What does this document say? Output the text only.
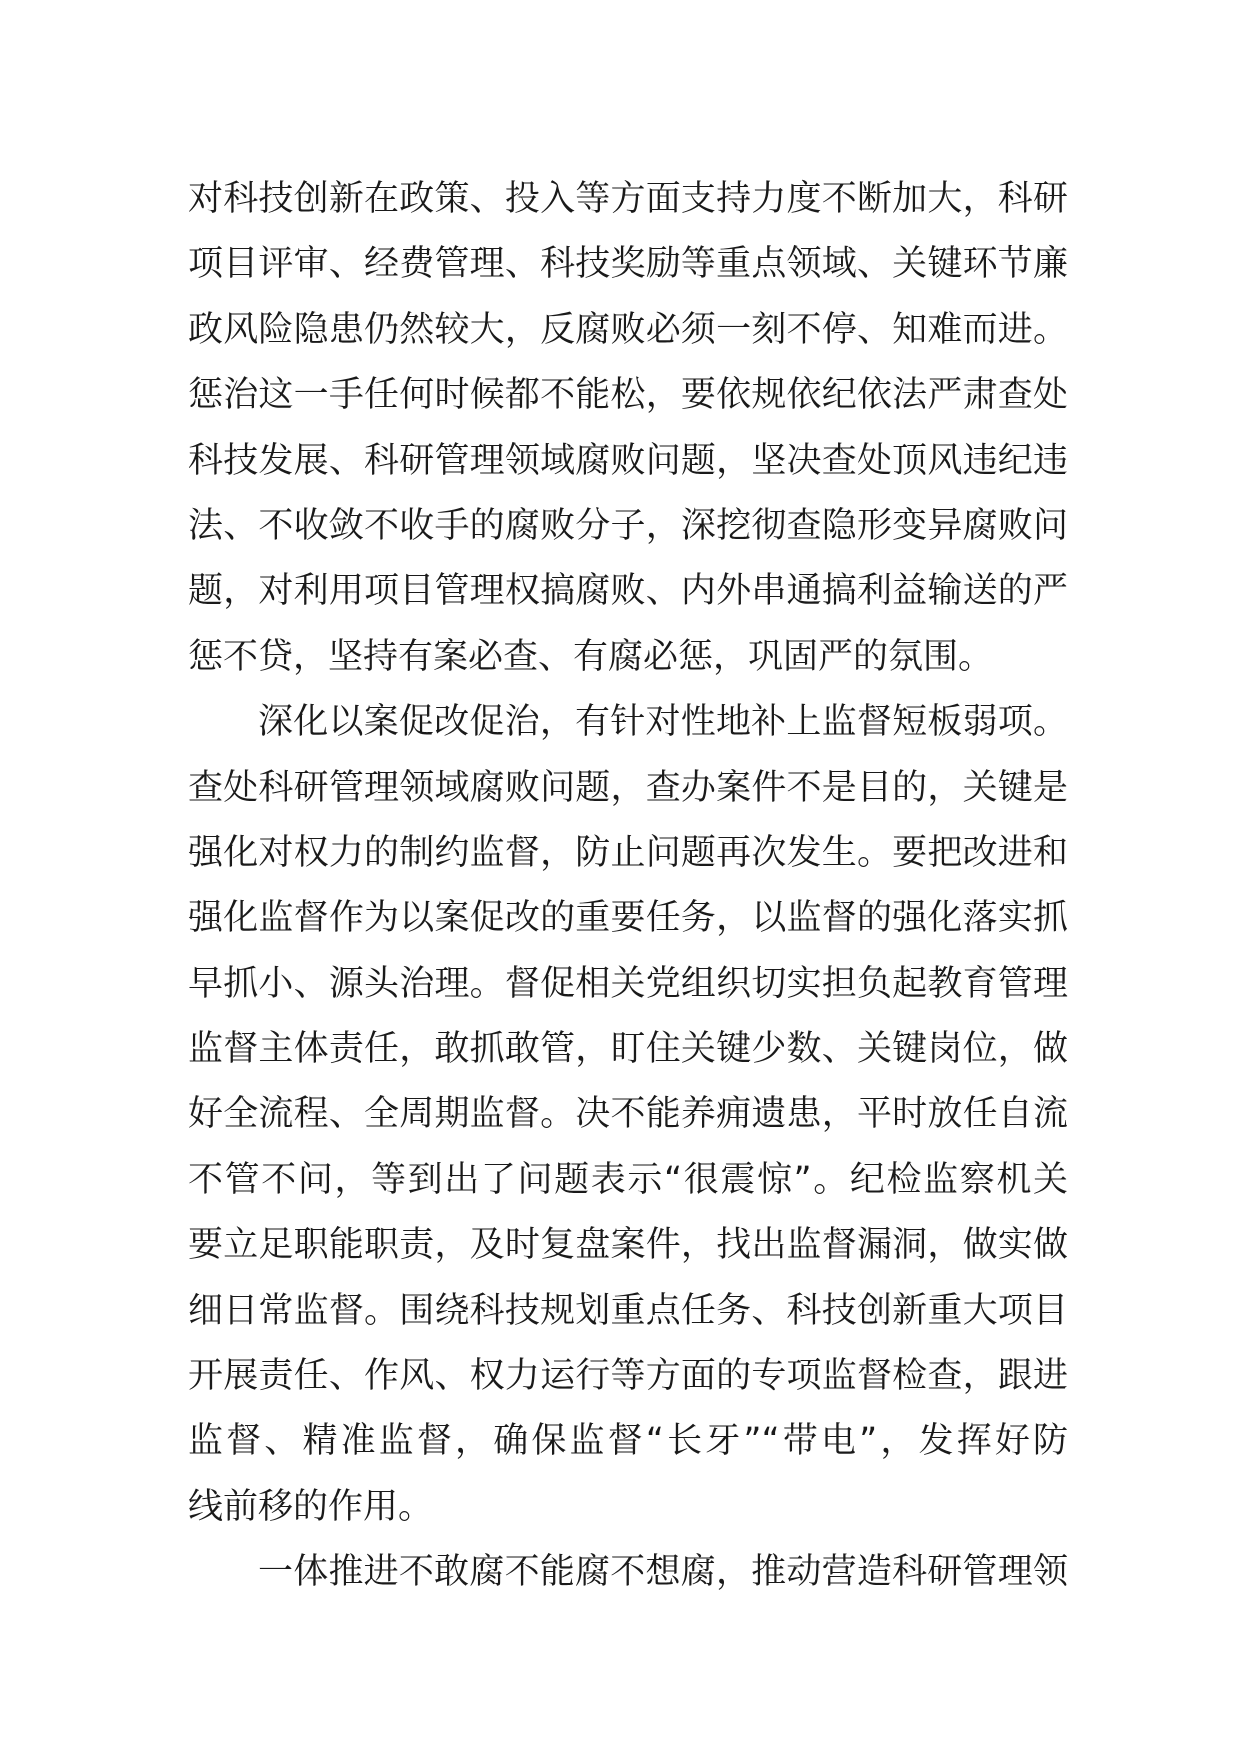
对科技创新在政策、投入等方面支持力度不断加大，科研
项目评审、经费管理、科技奖励等重点领域、关键环节廉
政风险隐患仍然较大，反腐败必须一刻不停、知难而进。
惩治这一手任何时候都不能松，要依规依纪依法严肃查处
科技发展、科研管理领域腐败问题，坚决查处顶风违纪违
法、不收敛不收手的腐败分子，深挖彻查隐形变异腐败问
题，对利用项目管理权搞腐败、内外串通搞利益输送的严
惩不贷，坚持有案必查、有腐必惩，巩固严的氛围。
深化以案促改促治，有针对性地补上监督短板弱项。
查处科研管理领域腐败问题，查办案件不是目的，关键是
强化对权力的制约监督，防止问题再次发生。要把改进和
强化监督作为以案促改的重要任务，以监督的强化落实抓
早抓小、源头治理。督促相关党组织切实担负起教育管理
监督主体责任，敢抓敢管，盯住关键少数、关键岗位，做
好全流程、全周期监督。决不能养痈遗患，平时放任自流
不管不问，等到出了问题表示“很震惊”。纪检监察机关
要立足职能职责，及时复盘案件，找出监督漏洞，做实做
细日常监督。围绕科技规划重点任务、科技创新重大项目
开展责任、作风、权力运行等方面的专项监督检查，跟进
监督、精准监督，确保监督“长牙”“带电”，发挥好防
线前移的作用。
一体推进不敢腐不能腐不想腐，推动营造科研管理领
